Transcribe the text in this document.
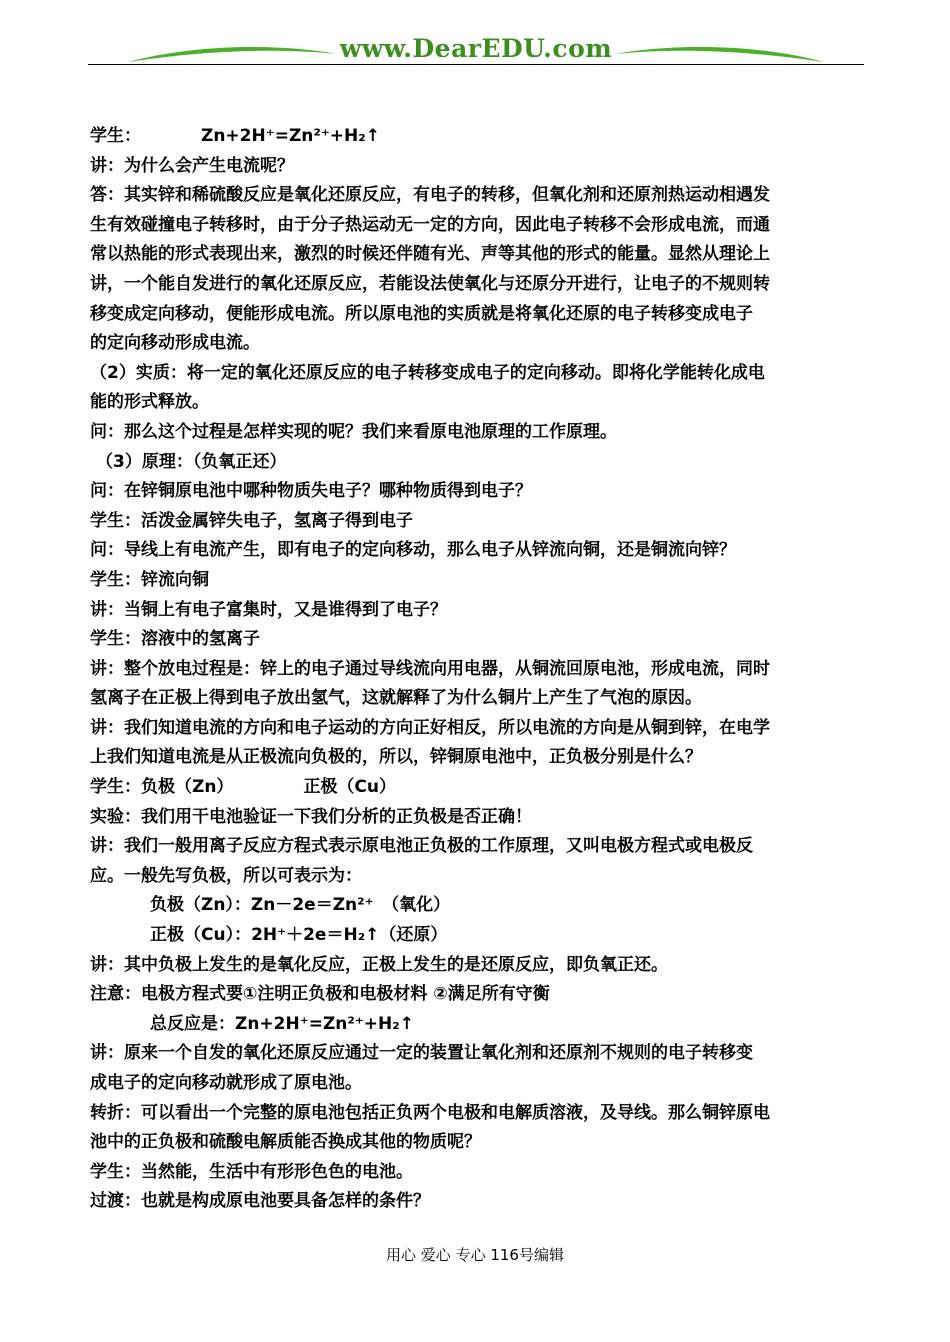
www.DearEDU.com
学生：	Zn+2H⁺=Zn²⁺+H₂↑
讲：为什么会产生电流呢？
答：其实锌和稀硫酸反应是氧化还原反应，有电子的转移，但氧化剂和还原剂热运动相遇发
生有效碰撞电子转移时，由于分子热运动无一定的方向，因此电子转移不会形成电流，而通
常以热能的形式表现出来，激烈的时候还伴随有光、声等其他的形式的能量。显然从理论上
讲，一个能自发进行的氧化还原反应，若能设法使氧化与还原分开进行，让电子的不规则转
移变成定向移动，便能形成电流。所以原电池的实质就是将氧化还原的电子转移变成电子
的定向移动形成电流。
（2）实质：将一定的氧化还原反应的电子转移变成电子的定向移动。即将化学能转化成电
能的形式释放。
问：那么这个过程是怎样实现的呢？我们来看原电池原理的工作原理。
（3）原理：（负氧正还）
问：在锌铜原电池中哪种物质失电子？哪种物质得到电子？
学生：活泼金属锌失电子，氢离子得到电子
问：导线上有电流产生，即有电子的定向移动，那么电子从锌流向铜，还是铜流向锌？
学生：锌流向铜
讲：当铜上有电子富集时，又是谁得到了电子？
学生：溶液中的氢离子
讲：整个放电过程是：锌上的电子通过导线流向用电器，从铜流回原电池，形成电流，同时
氢离子在正极上得到电子放出氢气，这就解释了为什么铜片上产生了气泡的原因。
讲：我们知道电流的方向和电子运动的方向正好相反，所以电流的方向是从铜到锌，在电学
上我们知道电流是从正极流向负极的，所以，锌铜原电池中，正负极分别是什么？
学生：负极（Zn）	正极（Cu）
实验：我们用干电池验证一下我们分析的正负极是否正确！
讲：我们一般用离子反应方程式表示原电池正负极的工作原理，又叫电极方程式或电极反
应。一般先写负极，所以可表示为：
负极（Zn）：Zn－2e＝Zn²⁺　（氧化）
正极（Cu）：2H⁺＋2e＝H₂↑（还原）
讲：其中负极上发生的是氧化反应，正极上发生的是还原反应，即负氧正还。
注意：电极方程式要①注明正负极和电极材料 ②满足所有守衡
总反应是：Zn+2H⁺=Zn²⁺+H₂↑
讲：原来一个自发的氧化还原反应通过一定的装置让氧化剂和还原剂不规则的电子转移变
成电子的定向移动就形成了原电池。
转折：可以看出一个完整的原电池包括正负两个电极和电解质溶液，及导线。那么铜锌原电
池中的正负极和硫酸电解质能否换成其他的物质呢？
学生：当然能，生活中有形形色色的电池。
过渡：也就是构成原电池要具备怎样的条件？
用心 爱心 专心 116号编辑
